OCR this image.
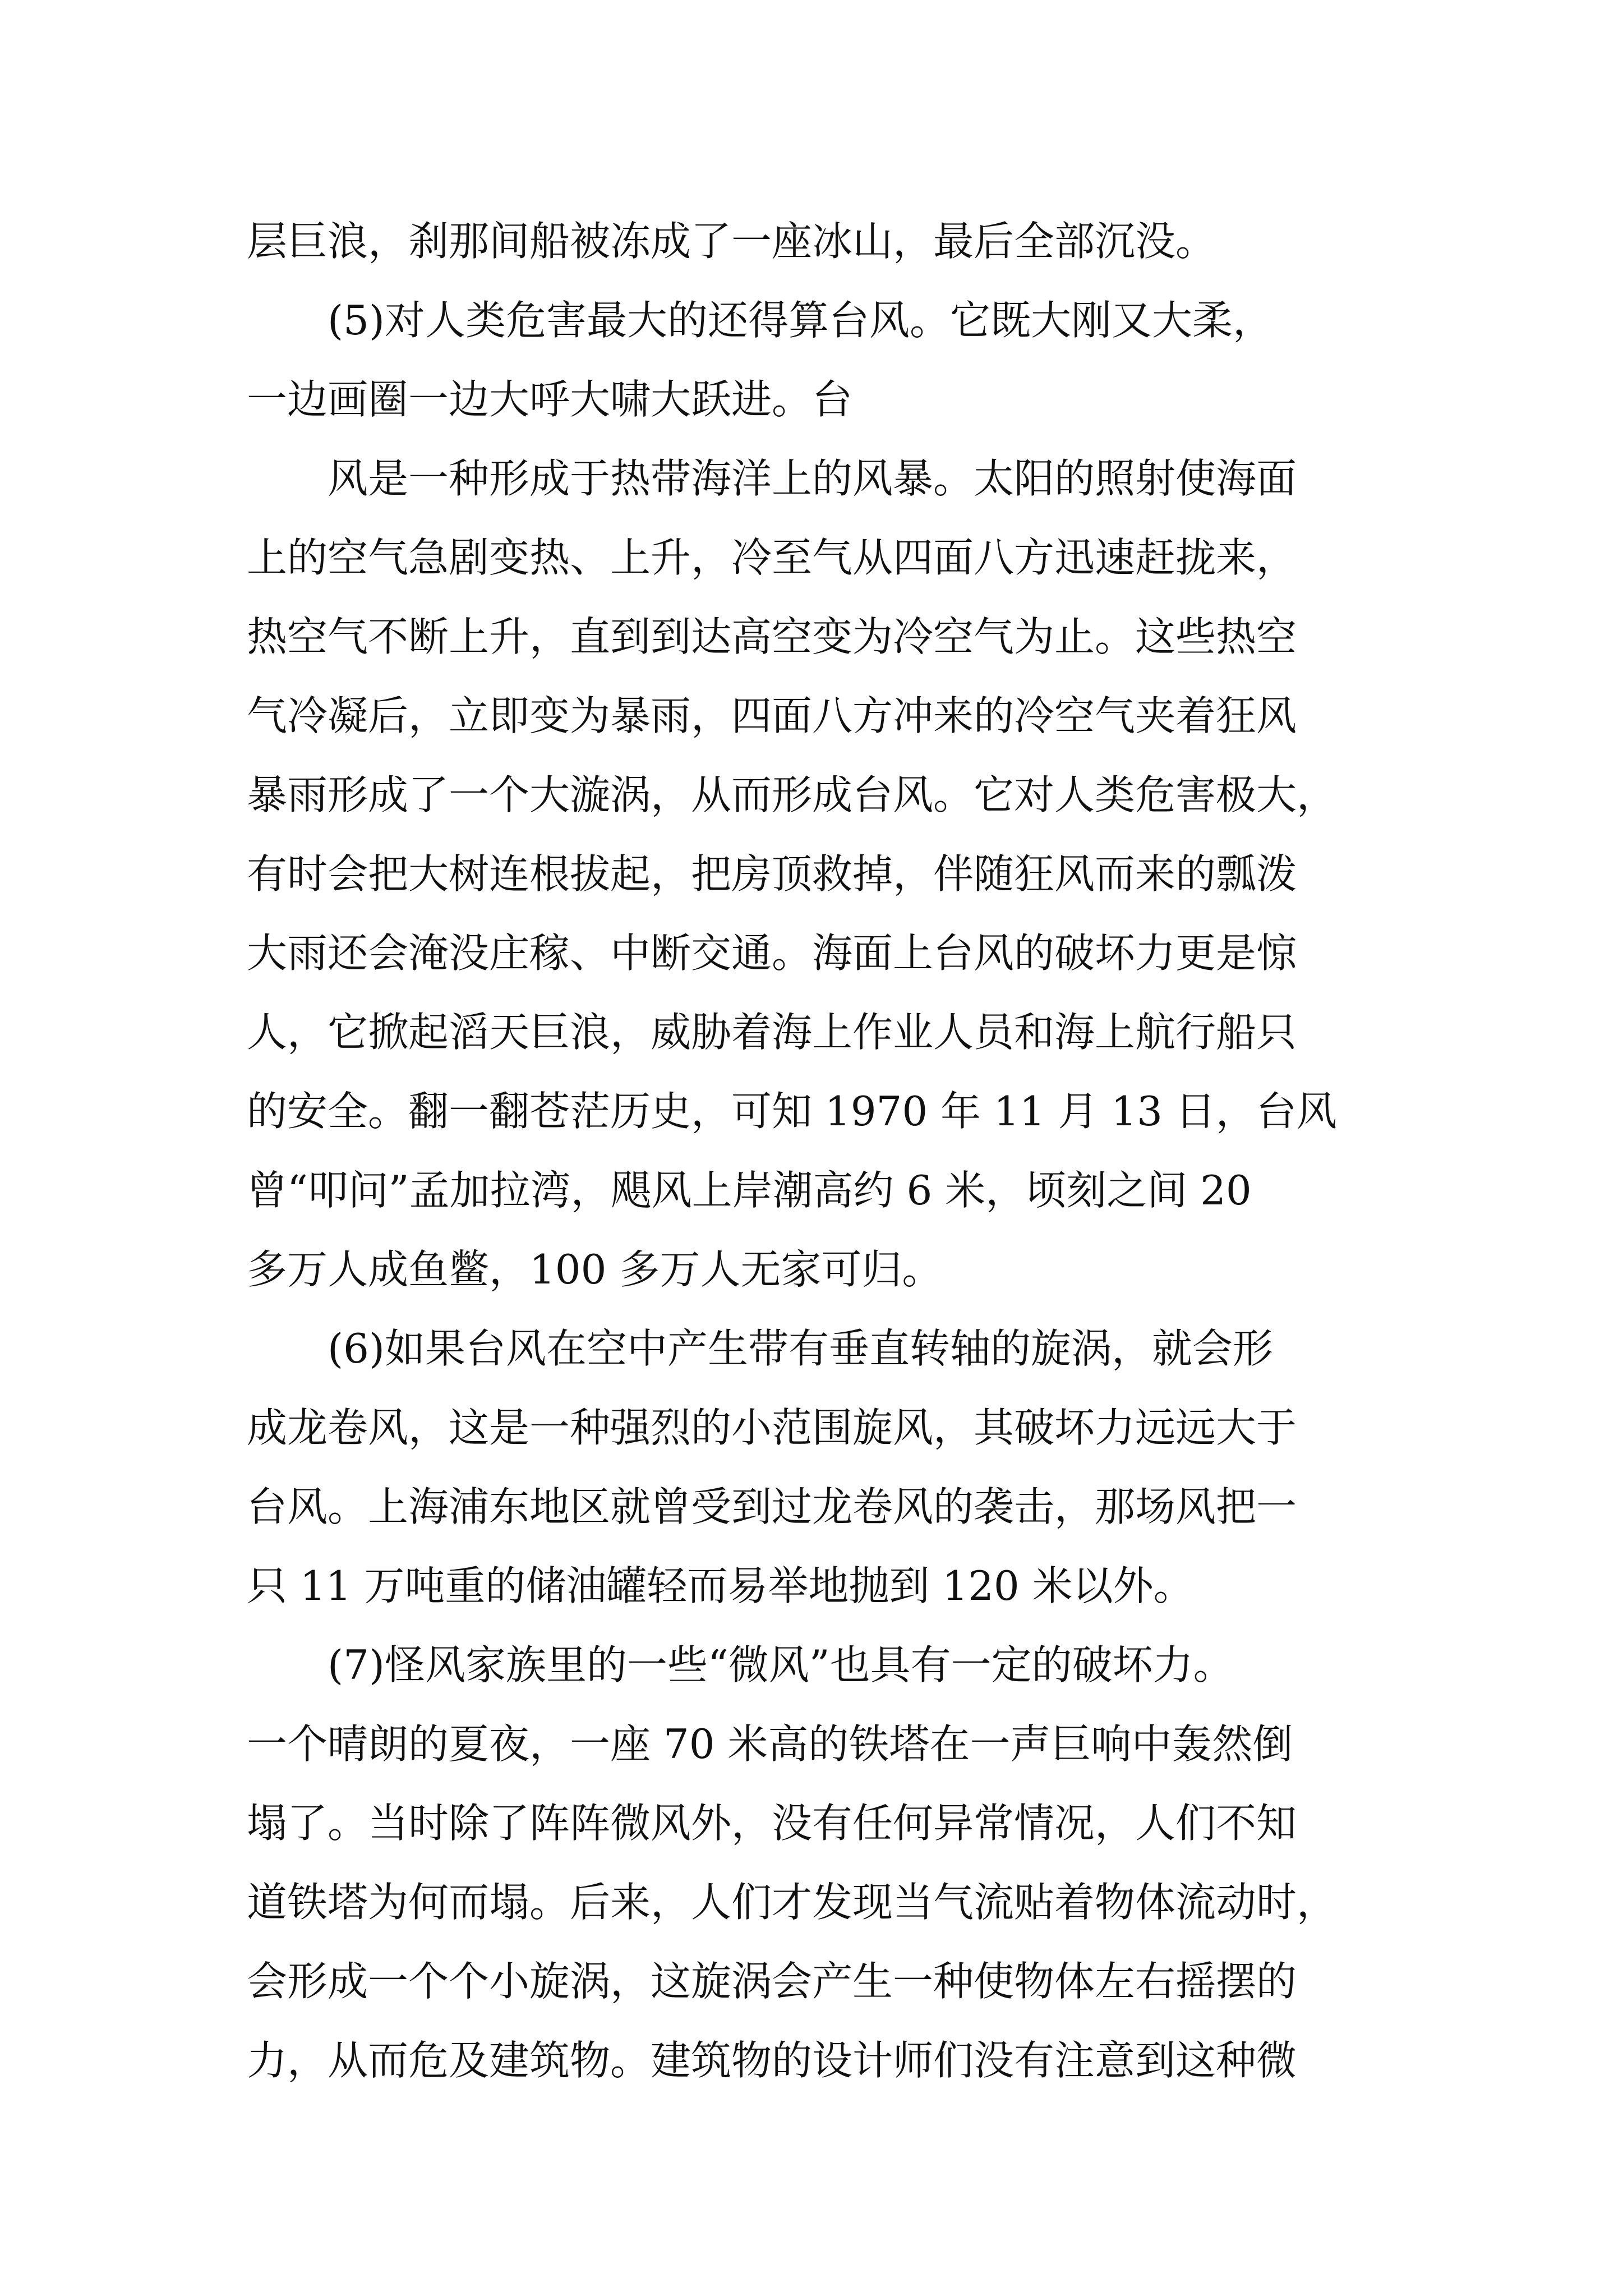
层巨浪，刹那间船被冻成了一座冰山，最后全部沉没。
(5)对人类危害最大的还得算台风。它既大刚又大柔，
一边画圈一边大呼大啸大跃进。台
风是一种形成于热带海洋上的风暴。太阳的照射使海面
上的空气急剧变热、上升，冷至气从四面八方迅速赶拢来，
热空气不断上升，直到到达高空变为冷空气为止。这些热空
气冷凝后，立即变为暴雨，四面八方冲来的冷空气夹着狂风
暴雨形成了一个大漩涡，从而形成台风。它对人类危害极大，
有时会把大树连根拔起，把房顶救掉，伴随狂风而来的瓢泼
大雨还会淹没庄稼、中断交通。海面上台风的破坏力更是惊
人，它掀起滔天巨浪，威胁着海上作业人员和海上航行船只
的安全。翻一翻苍茫历史，可知 1970 年 11 月 13 日，台风
曾“叩问”孟加拉湾，飓风上岸潮高约 6 米，顷刻之间 20
多万人成鱼鳖，100 多万人无家可归。
(6)如果台风在空中产生带有垂直转轴的旋涡，就会形
成龙卷风，这是一种强烈的小范围旋风，其破坏力远远大于
台风。上海浦东地区就曾受到过龙卷风的袭击，那场风把一
只 11 万吨重的储油罐轻而易举地抛到 120 米以外。
(7)怪风家族里的一些“微风”也具有一定的破坏力。
一个晴朗的夏夜，一座 70 米高的铁塔在一声巨响中轰然倒
塌了。当时除了阵阵微风外，没有任何异常情况，人们不知
道铁塔为何而塌。后来，人们才发现当气流贴着物体流动时，
会形成一个个小旋涡，这旋涡会产生一种使物体左右摇摆的
力，从而危及建筑物。建筑物的设计师们没有注意到这种微
